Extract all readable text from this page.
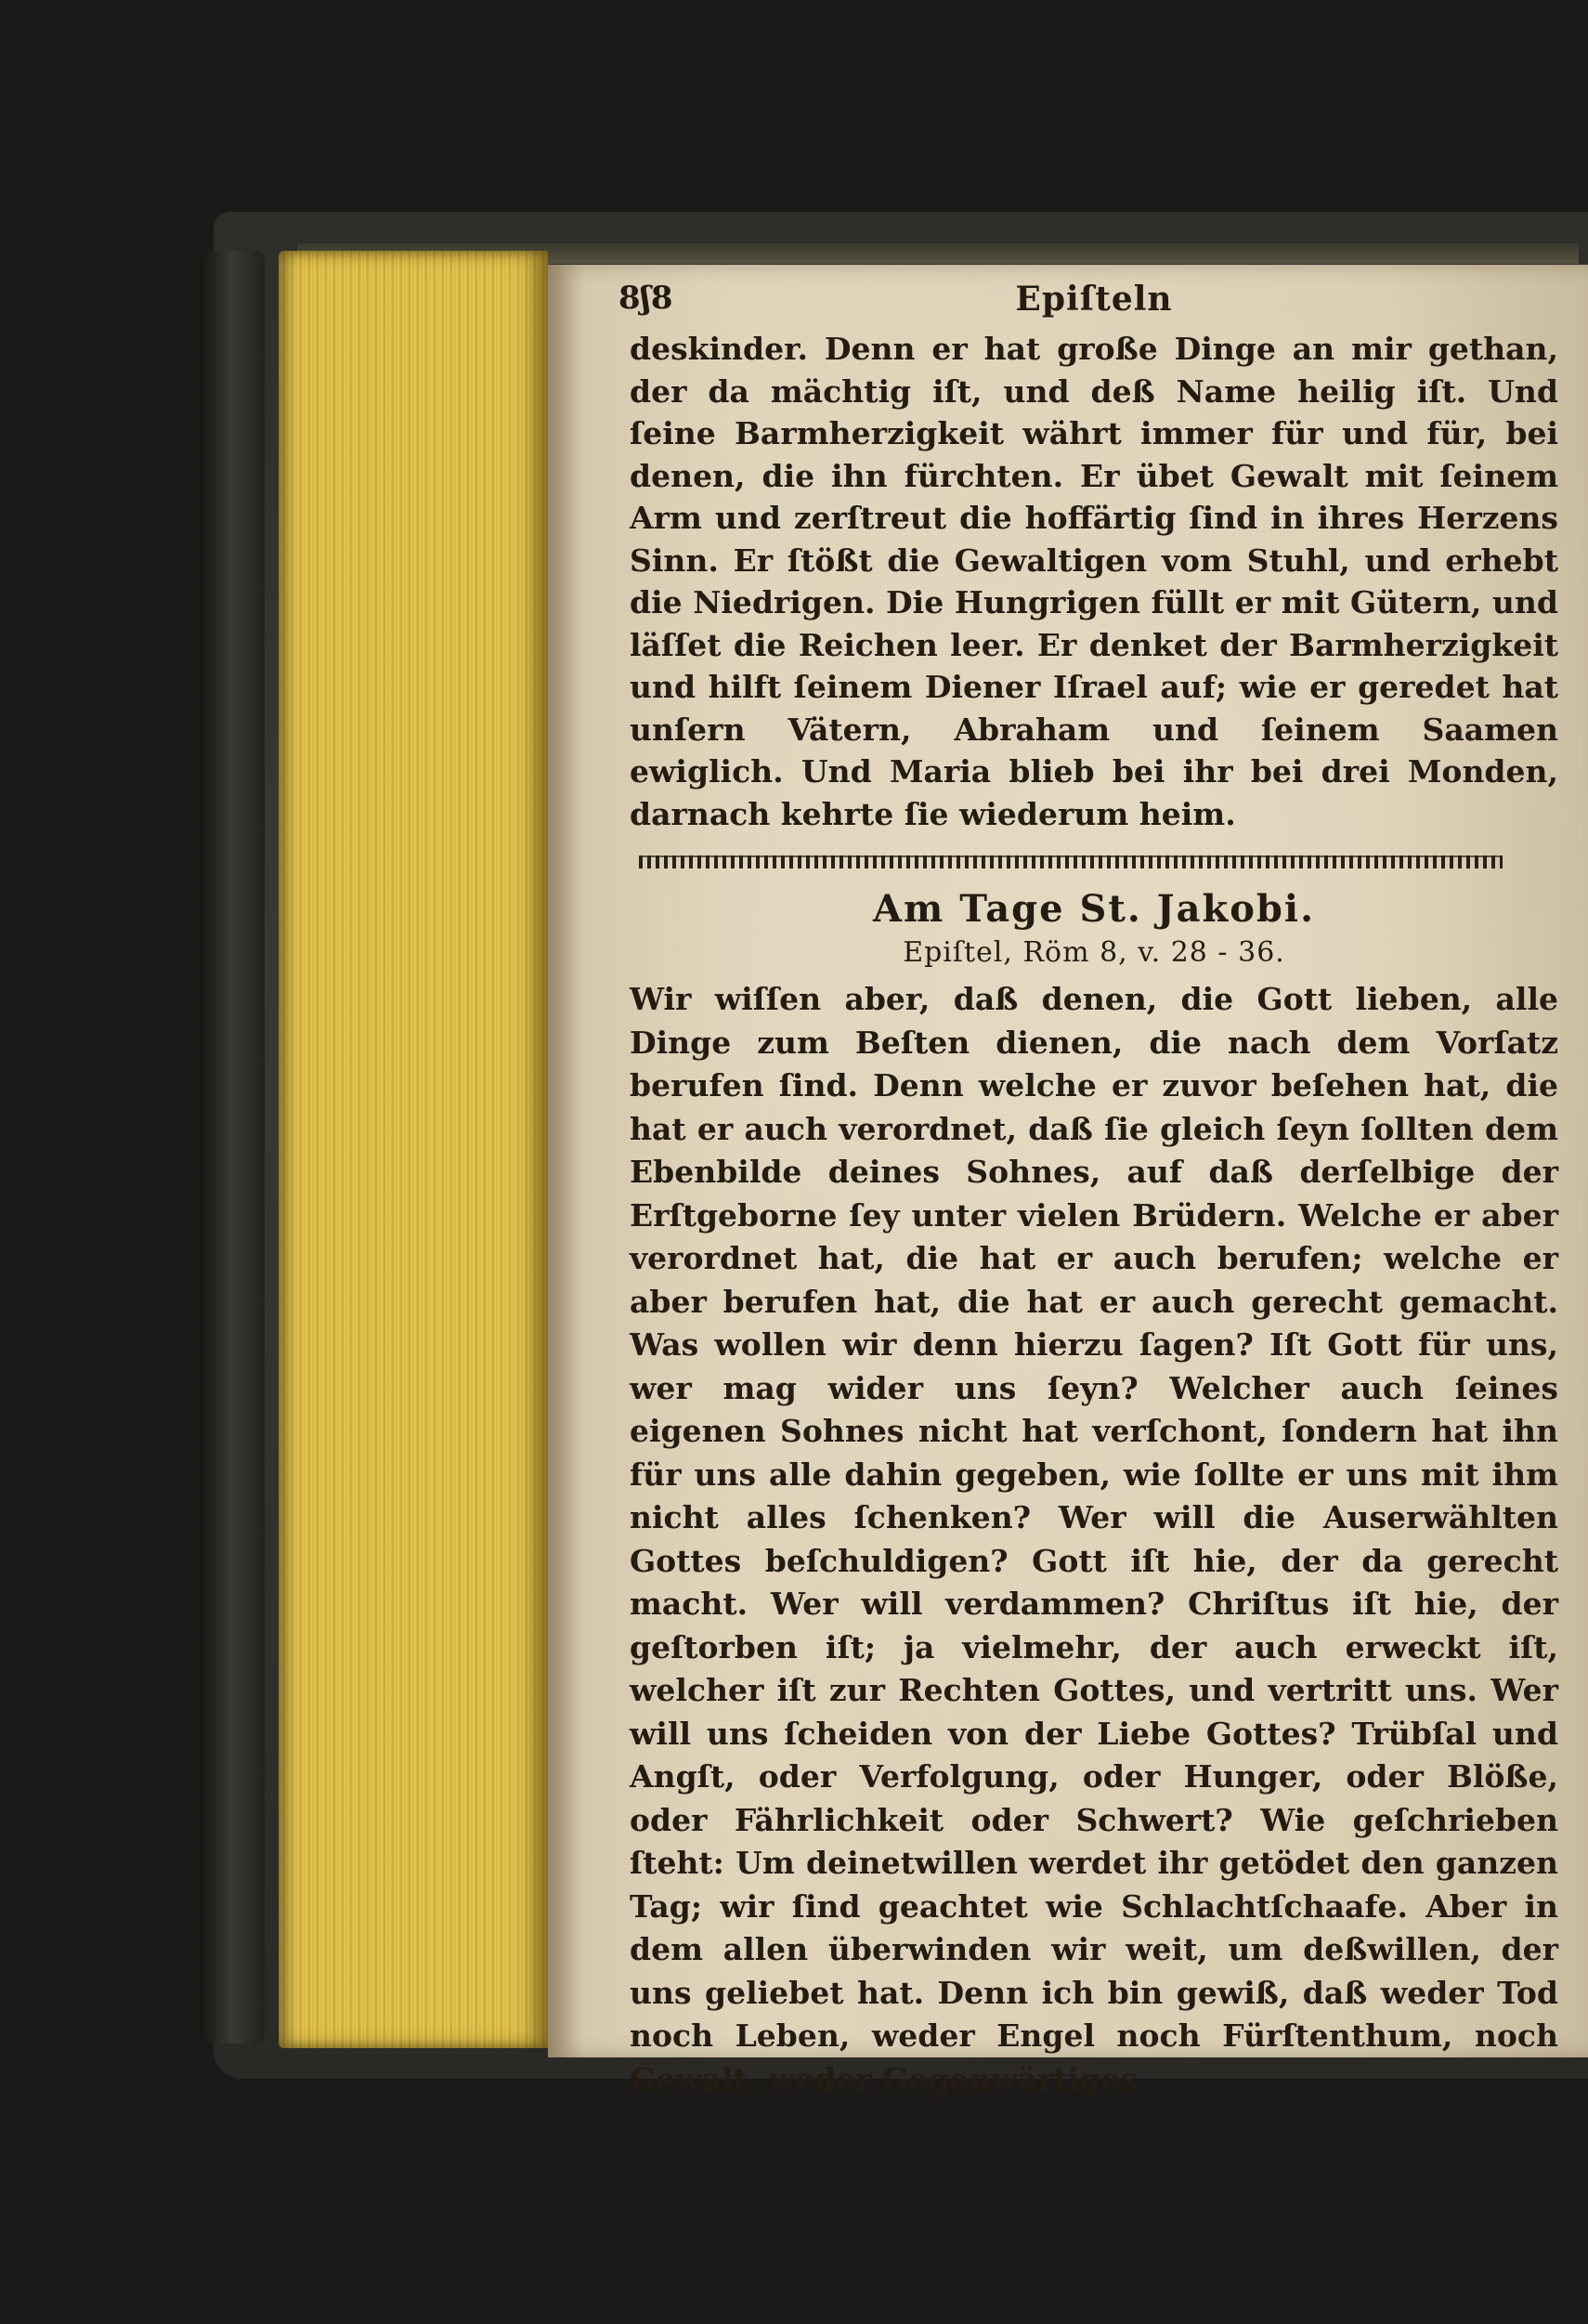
8ʃ8	Epiſteln

deskinder. Denn er hat große Dinge an mir gethan, der da mächtig iſt, und deß Name heilig iſt. Und ſeine Barmherzigkeit währt immer für und für, bei denen, die ihn fürchten. Er übet Gewalt mit ſeinem Arm und zerſtreut die hoffärtig ſind in ihres Herzens Sinn. Er ſtößt die Gewaltigen vom Stuhl, und erhebt die Niedrigen. Die Hungrigen füllt er mit Gütern, und läſſet die Reichen leer. Er denket der Barmherzigkeit und hilft ſeinem Diener Iſrael auf; wie er geredet hat unſern Vätern, Abraham und ſeinem Saamen ewiglich. Und Maria blieb bei ihr bei drei Monden, darnach kehrte ſie wiederum heim.

Am Tage St. Jakobi.
Epiſtel, Röm 8, v. 28 - 36.

Wir wiſſen aber, daß denen, die Gott lieben, alle Dinge zum Beſten dienen, die nach dem Vorſatz berufen ſind. Denn welche er zuvor beſehen hat, die hat er auch verordnet, daß ſie gleich ſeyn ſollten dem Ebenbilde deines Sohnes, auf daß derſelbige der Erſtgeborne ſey unter vielen Brüdern. Welche er aber verordnet hat, die hat er auch berufen; welche er aber berufen hat, die hat er auch gerecht gemacht. Was wollen wir denn hierzu ſagen? Iſt Gott für uns, wer mag wider uns ſeyn? Welcher auch ſeines eigenen Sohnes nicht hat verſchont, ſondern hat ihn für uns alle dahin gegeben, wie ſollte er uns mit ihm nicht alles ſchenken? Wer will die Auserwählten Gottes beſchuldigen? Gott iſt hie, der da gerecht macht. Wer will verdammen? Chriſtus iſt hie, der geſtorben iſt; ja vielmehr, der auch erweckt iſt, welcher iſt zur Rechten Gottes, und vertritt uns. Wer will uns ſcheiden von der Liebe Gottes? Trübſal und Angſt, oder Verfolgung, oder Hunger, oder Blöße, oder Fährlichkeit oder Schwert? Wie geſchrieben ſteht: Um deinetwillen werdet ihr getödet den ganzen Tag; wir ſind geachtet wie Schlachtſchaafe. Aber in dem allen überwinden wir weit, um deßwillen, der uns geliebet hat. Denn ich bin gewiß, daß weder Tod noch Leben, weder Engel noch Fürſtenthum, noch Gewalt, weder Gegenwärtiges
